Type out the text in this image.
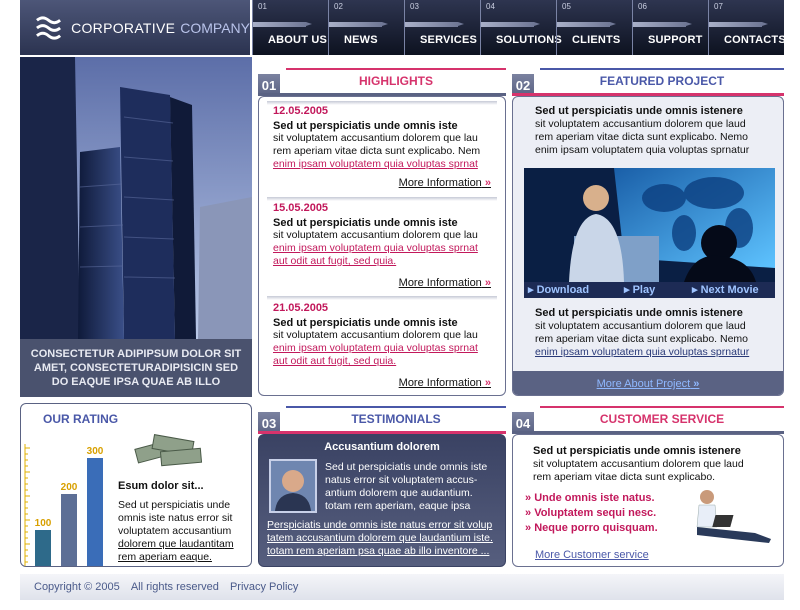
CORPORATIVE COMPANY
01
ABOUT US
02
NEWS
03
SERVICES
04
SOLUTIONS
05
CLIENTS
06
SUPPORT
07
CONTACTS
CONSECTETUR ADIPIPSUM DOLOR SIT
AMET, CONSECTETURADIPISICIN SED
DO EAQUE IPSA QUAE AB ILLO
01	HIGHLIGHTS
12.05.2005
Sed ut perspiciatis unde omnis iste
sit voluptatem accusantium dolorem que lau
rem aperiam vitae dicta sunt explicabo. Nem
enim ipsam voluptatem quia voluptas sprnat
More Information »
15.05.2005
Sed ut perspiciatis unde omnis iste
sit voluptatem accusantium dolorem que lau
enim ipsam voluptatem quia voluptas sprnat
aut odit aut fugit, sed quia.
More Information »
21.05.2005
Sed ut perspiciatis unde omnis iste
sit voluptatem accusantium dolorem que lau
enim ipsam voluptatem quia voluptas sprnat
aut odit aut fugit, sed quia.
More Information »
02	FEATURED PROJECT
Sed ut perspiciatis unde omnis istenere
sit voluptatem accusantium dolorem que laud
rem aperiam vitae dicta sunt explicabo. Nemo
enim ipsam voluptatem quia voluptas sprnatur
▸ Download	▸ Play	▸ Next Movie
Sed ut perspiciatis unde omnis istenere
sit voluptatem accusantium dolorem que laud
rem aperiam vitae dicta sunt explicabo. Nemo
enim ipsam voluptatem quia voluptas sprnatur
More About Project »
OUR RATING
100
200
300
Esum dolor sit...
Sed ut perspiciatis unde
omnis iste natus error sit
voluptatem accusantium
dolorem que laudantitam
rem aperiam eaque.
03	TESTIMONIALS
Accusantium dolorem
Sed ut perspiciatis unde omnis iste
natus error sit voluptatem accus-
antium dolorem que audantium.
totam rem aperiam, eaque ipsa
Perspiciatis unde omnis iste natus error sit volup
tatem accusantium dolorem que laudantium iste.
totam rem aperiam psa quae ab illo inventore ...
04	CUSTOMER SERVICE
Sed ut perspiciatis unde omnis istenere
sit voluptatem accusantium dolorem que laud
rem aperiam vitae dicta sunt explicabo.
» Unde omnis iste natus.
» Voluptatem sequi nesc.
» Neque porro quisquam.
More Customer service
Copyright © 2005 All rights reserved Privacy Policy
